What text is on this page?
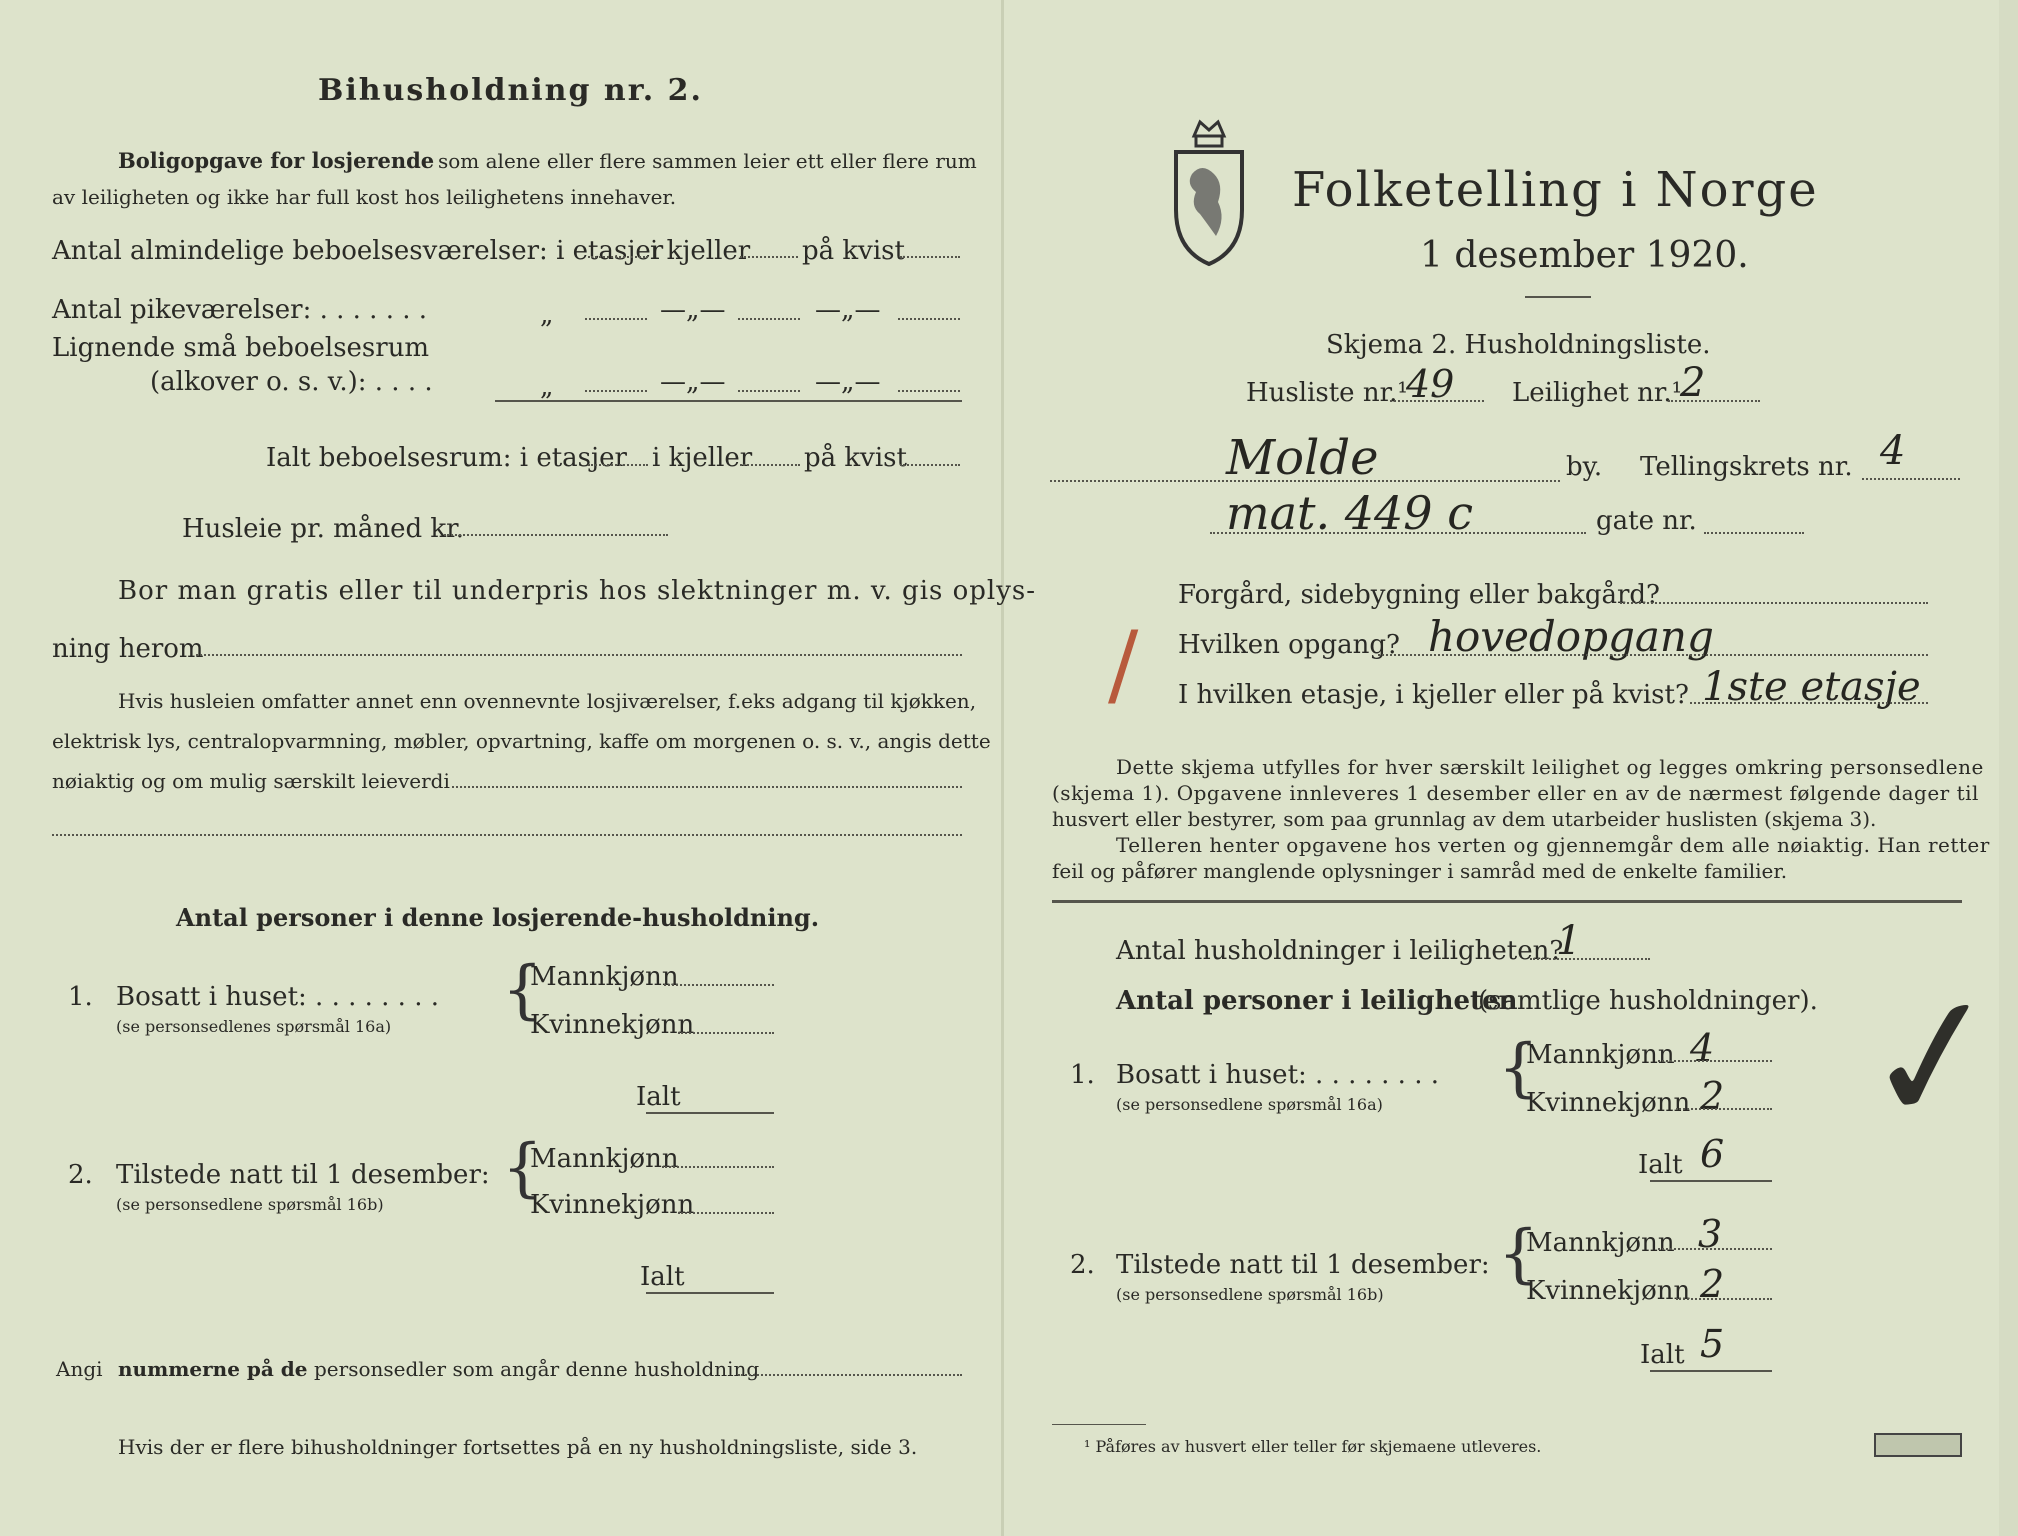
Bihusholdning nr. 2.
Boligopgave for losjerende som alene eller flere sammen leier ett eller flere rum
av leiligheten og ikke har full kost hos leilighetens innehaver.
Antal almindelige beboelsesværelser: i etasjer
i kjeller på kvist
Antal pikeværelser: . . . . . . .	„	—„—	—„—
Lignende små beboelsesrum
(alkover o. s. v.): . . . .	„	—„—	—„—
Ialt beboelsesrum: i etasjer i kjeller på kvist
Husleie pr. måned kr.
Bor man gratis eller til underpris hos slektninger m. v. gis oplys-
ning herom
Hvis husleien omfatter annet enn ovennevnte losjiværelser, f.eks adgang til kjøkken,
elektrisk lys, centralopvarmning, møbler, opvartning, kaffe om morgenen o. s. v., angis dette
nøiaktig og om mulig særskilt leieverdi
Antal personer i denne losjerende-husholdning.
1. Bosatt i huset: . . . . . . . .
(se personsedlenes spørsmål 16a) {
Mannkjønn
Kvinnekjønn
Ialt
2. Tilstede natt til 1 desember:
(se personsedlene spørsmål 16b) {
Mannkjønn
Kvinnekjønn
Ialt
Angi nummerne på de personsedler som angår denne husholdning
Hvis der er flere bihusholdninger fortsettes på en ny husholdningsliste, side 3.
Folketelling i Norge
1 desember 1920.
Skjema 2. Husholdningsliste.
Husliste nr.¹
49 Leilighet nr.¹
2
Molde	by. Tellingskrets nr. 4
mat. 449 c	gate nr.
Forgård, sidebygning eller bakgård?
Hvilken opgang? hovedopgang
I hvilken etasje, i kjeller eller på kvist? 1ste etasje
/
Dette skjema utfylles for hver særskilt leilighet og legges omkring personsedlene
(skjema 1). Opgavene innleveres 1 desember eller en av de nærmest følgende dager til
husvert eller bestyrer, som paa grunnlag av dem utarbeider huslisten (skjema 3).
Telleren henter opgavene hos verten og gjennemgår dem alle nøiaktig. Han retter
feil og påfører manglende oplysninger i samråd med de enkelte familier.
Antal husholdninger i leiligheten?
1
Antal personer i leiligheten
(samtlige husholdninger).
1. Bosatt i huset: . . . . . . . .
(se personsedlene spørsmål 16a) {
Mannkjønn 4
Kvinnekjønn 2
Ialt 6
2. Tilstede natt til 1 desember:
(se personsedlene spørsmål 16b)
{
Mannkjønn 3
Kvinnekjønn 2
Ialt 5
✓
¹ Påføres av husvert eller teller før skjemaene utleveres.
